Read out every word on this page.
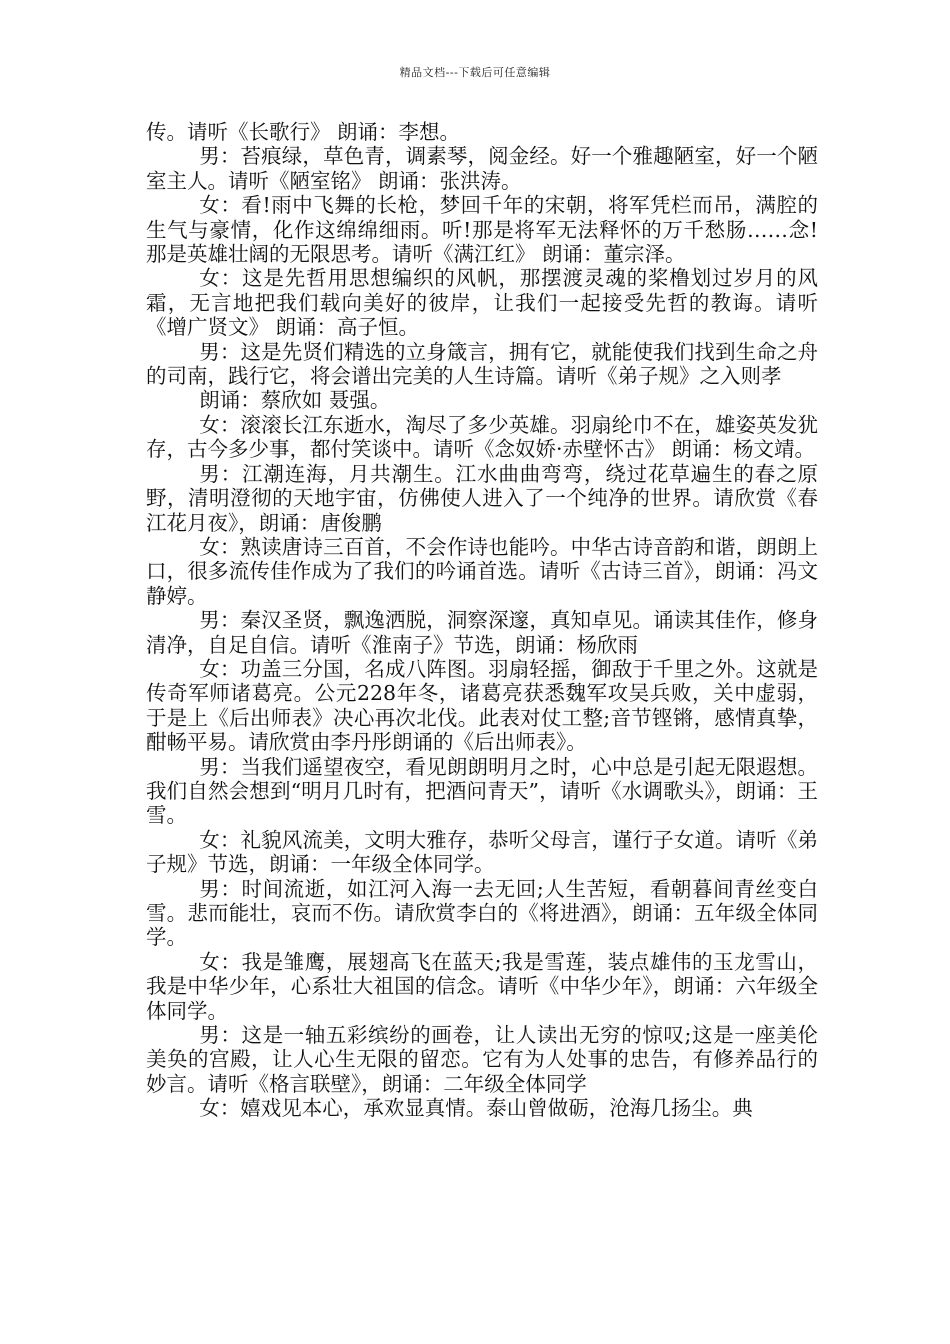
精品文档---下载后可任意编辑

传。请听《长歌行》 朗诵：李想。

男：苔痕绿，草色青，调素琴，阅金经。好一个雅趣陋室，好一个陋室主人。请听《陋室铭》 朗诵：张洪涛。

女：看!雨中飞舞的长枪，梦回千年的宋朝，将军凭栏而吊，满腔的生气与豪情，化作这绵绵细雨。听!那是将军无法释怀的万千愁肠……念!那是英雄壮阔的无限思考。请听《满江红》 朗诵：董宗泽。

女：这是先哲用思想编织的风帆，那摆渡灵魂的桨橹划过岁月的风霜，无言地把我们载向美好的彼岸，让我们一起接受先哲的教诲。请听《增广贤文》 朗诵：高子恒。

男：这是先贤们精选的立身箴言，拥有它，就能使我们找到生命之舟的司南，践行它，将会谱出完美的人生诗篇。请听《弟子规》之入则孝

朗诵：蔡欣如 聂强。

女：滚滚长江东逝水，淘尽了多少英雄。羽扇纶巾不在，雄姿英发犹存，古今多少事，都付笑谈中。请听《念奴娇·赤壁怀古》 朗诵：杨文靖。

男：江潮连海，月共潮生。江水曲曲弯弯，绕过花草遍生的春之原野，清明澄彻的天地宇宙，仿佛使人进入了一个纯净的世界。请欣赏《春江花月夜》，朗诵：唐俊鹏

女：熟读唐诗三百首，不会作诗也能吟。中华古诗音韵和谐，朗朗上口，很多流传佳作成为了我们的吟诵首选。请听《古诗三首》，朗诵：冯文静婷。

男：秦汉圣贤，飘逸洒脱，洞察深邃，真知卓见。诵读其佳作，修身清净，自足自信。请听《淮南子》节选，朗诵：杨欣雨

女：功盖三分国，名成八阵图。羽扇轻摇，御敌于千里之外。这就是传奇军师诸葛亮。公元228年冬，诸葛亮获悉魏军攻吴兵败，关中虚弱，于是上《后出师表》决心再次北伐。此表对仗工整;音节铿锵，感情真挚，酣畅平易。请欣赏由李丹彤朗诵的《后出师表》。

男：当我们遥望夜空，看见朗朗明月之时，心中总是引起无限遐想。我们自然会想到“明月几时有，把酒问青天”，请听《水调歌头》，朗诵：王雪。

女：礼貌风流美，文明大雅存，恭听父母言，谨行子女道。请听《弟子规》节选，朗诵：一年级全体同学。

男：时间流逝，如江河入海一去无回;人生苦短，看朝暮间青丝变白雪。悲而能壮，哀而不伤。请欣赏李白的《将进酒》，朗诵：五年级全体同学。

女：我是雏鹰，展翅高飞在蓝天;我是雪莲，装点雄伟的玉龙雪山，我是中华少年，心系壮大祖国的信念。请听《中华少年》，朗诵：六年级全体同学。

男：这是一轴五彩缤纷的画卷，让人读出无穷的惊叹;这是一座美伦美奂的宫殿，让人心生无限的留恋。它有为人处事的忠告，有修养品行的妙言。请听《格言联壁》，朗诵：二年级全体同学

女：嬉戏见本心，承欢显真情。泰山曾做砺，沧海几扬尘。典
